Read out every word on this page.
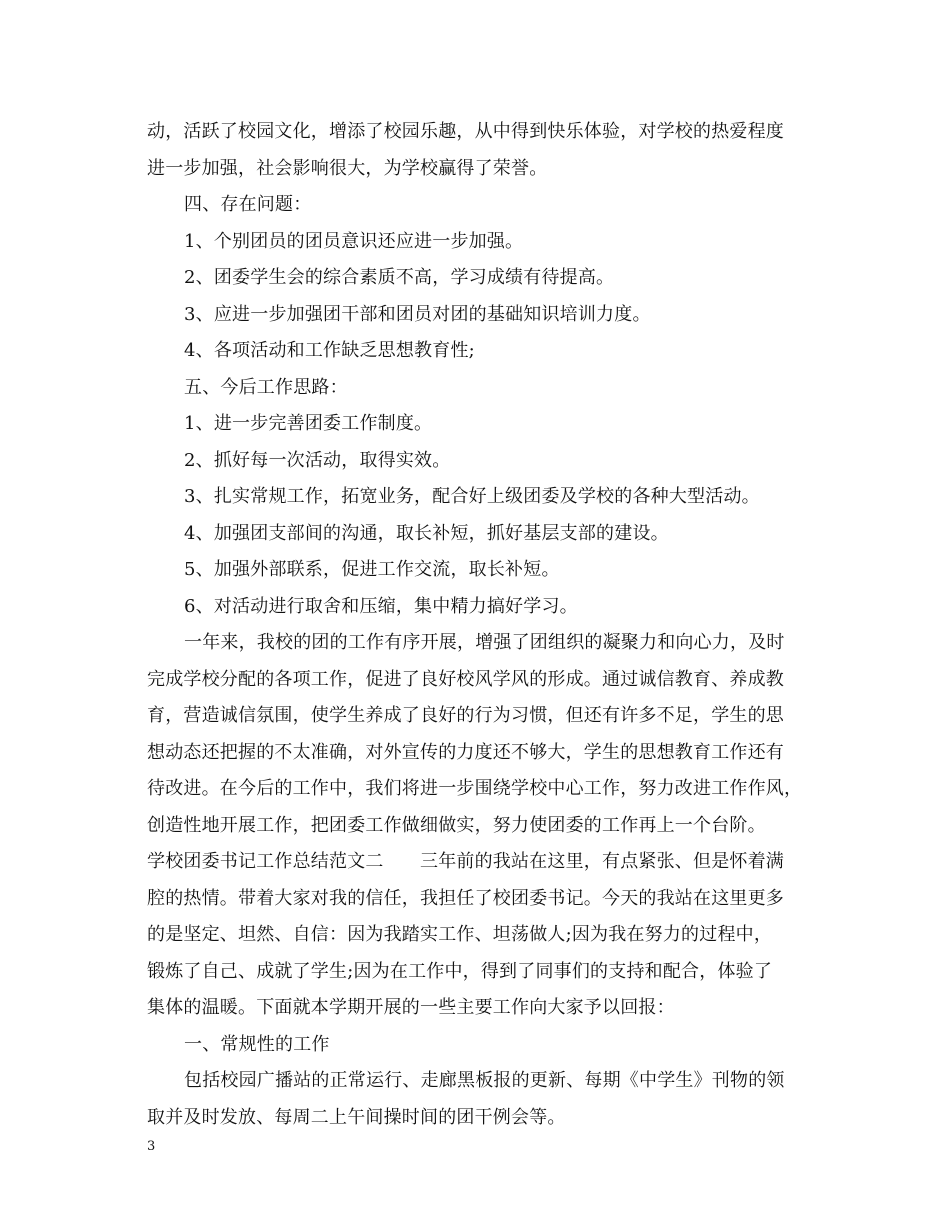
动，活跃了校园文化，增添了校园乐趣，从中得到快乐体验，对学校的热爱程度
进一步加强，社会影响很大，为学校赢得了荣誉。
四、存在问题：
1、个别团员的团员意识还应进一步加强。
2、团委学生会的综合素质不高，学习成绩有待提高。
3、应进一步加强团干部和团员对团的基础知识培训力度。
4、各项活动和工作缺乏思想教育性;
五、今后工作思路：
1、进一步完善团委工作制度。
2、抓好每一次活动，取得实效。
3、扎实常规工作，拓宽业务，配合好上级团委及学校的各种大型活动。
4、加强团支部间的沟通，取长补短，抓好基层支部的建设。
5、加强外部联系，促进工作交流，取长补短。
6、对活动进行取舍和压缩，集中精力搞好学习。
一年来，我校的团的工作有序开展，增强了团组织的凝聚力和向心力，及时
完成学校分配的各项工作，促进了良好校风学风的形成。通过诚信教育、养成教
育，营造诚信氛围，使学生养成了良好的行为习惯，但还有许多不足，学生的思
想动态还把握的不太准确，对外宣传的力度还不够大，学生的思想教育工作还有
待改进。在今后的工作中，我们将进一步围绕学校中心工作，努力改进工作作风，
创造性地开展工作，把团委工作做细做实，努力使团委的工作再上一个台阶。
学校团委书记工作总结范文二　　三年前的我站在这里，有点紧张、但是怀着满
腔的热情。带着大家对我的信任，我担任了校团委书记。今天的我站在这里更多
的是坚定、坦然、自信：因为我踏实工作、坦荡做人;因为我在努力的过程中，
锻炼了自己、成就了学生;因为在工作中，得到了同事们的支持和配合，体验了
集体的温暖。下面就本学期开展的一些主要工作向大家予以回报：
一、常规性的工作
包括校园广播站的正常运行、走廊黑板报的更新、每期《中学生》刊物的领
取并及时发放、每周二上午间操时间的团干例会等。
3
